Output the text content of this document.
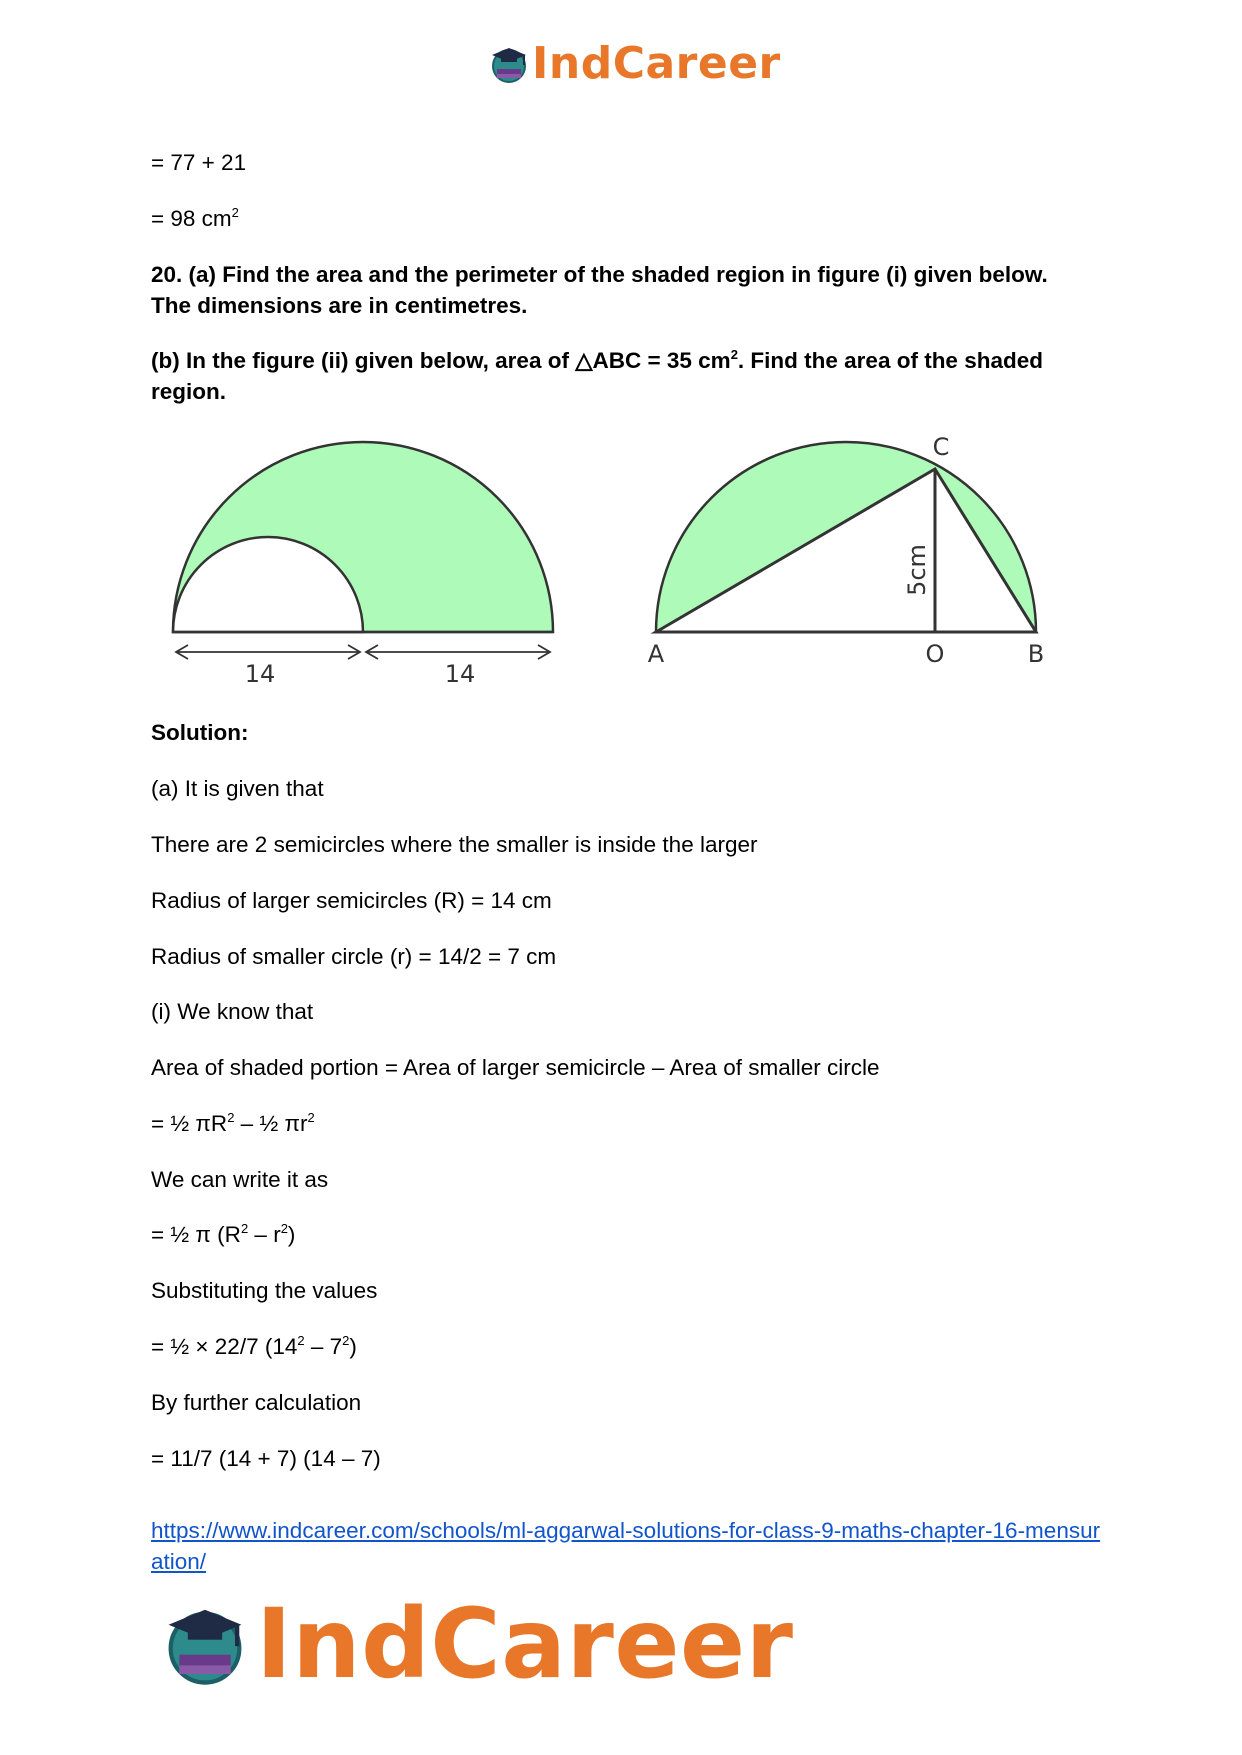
IndCareer
= 77 + 21
= 98 $cm^2$
20. (a) Find the area and the perimeter of the shaded region in figure (i) given below. The dimensions are in centimetres.
(b) In the figure (ii) given below, area of △ABC = 35 $cm^2$. Find the area of the shaded region.
14	14
A	O	B
C
5cm
Solution:
(a) It is given that
There are 2 semicircles where the smaller is inside the larger
Radius of larger semicircles (R) = 14 cm
Radius of smaller circle (r) = 14/2 = 7 cm
(i) We know that
Area of shaded portion = Area of larger semicircle – Area of smaller circle
= ½ $\pi R^2$ – ½ $\pi r^2$
We can write it as
= ½ π $(R^2 - r^2)$
Substituting the values
= ½ × 22/7 $(14^2 - 7^2)$
By further calculation
= 11/7 (14 + 7) (14 – 7)
https://www.indcareer.com/schools/ml-aggarwal-solutions-for-class-9-maths-chapter-16-mensuration/
IndCareer
